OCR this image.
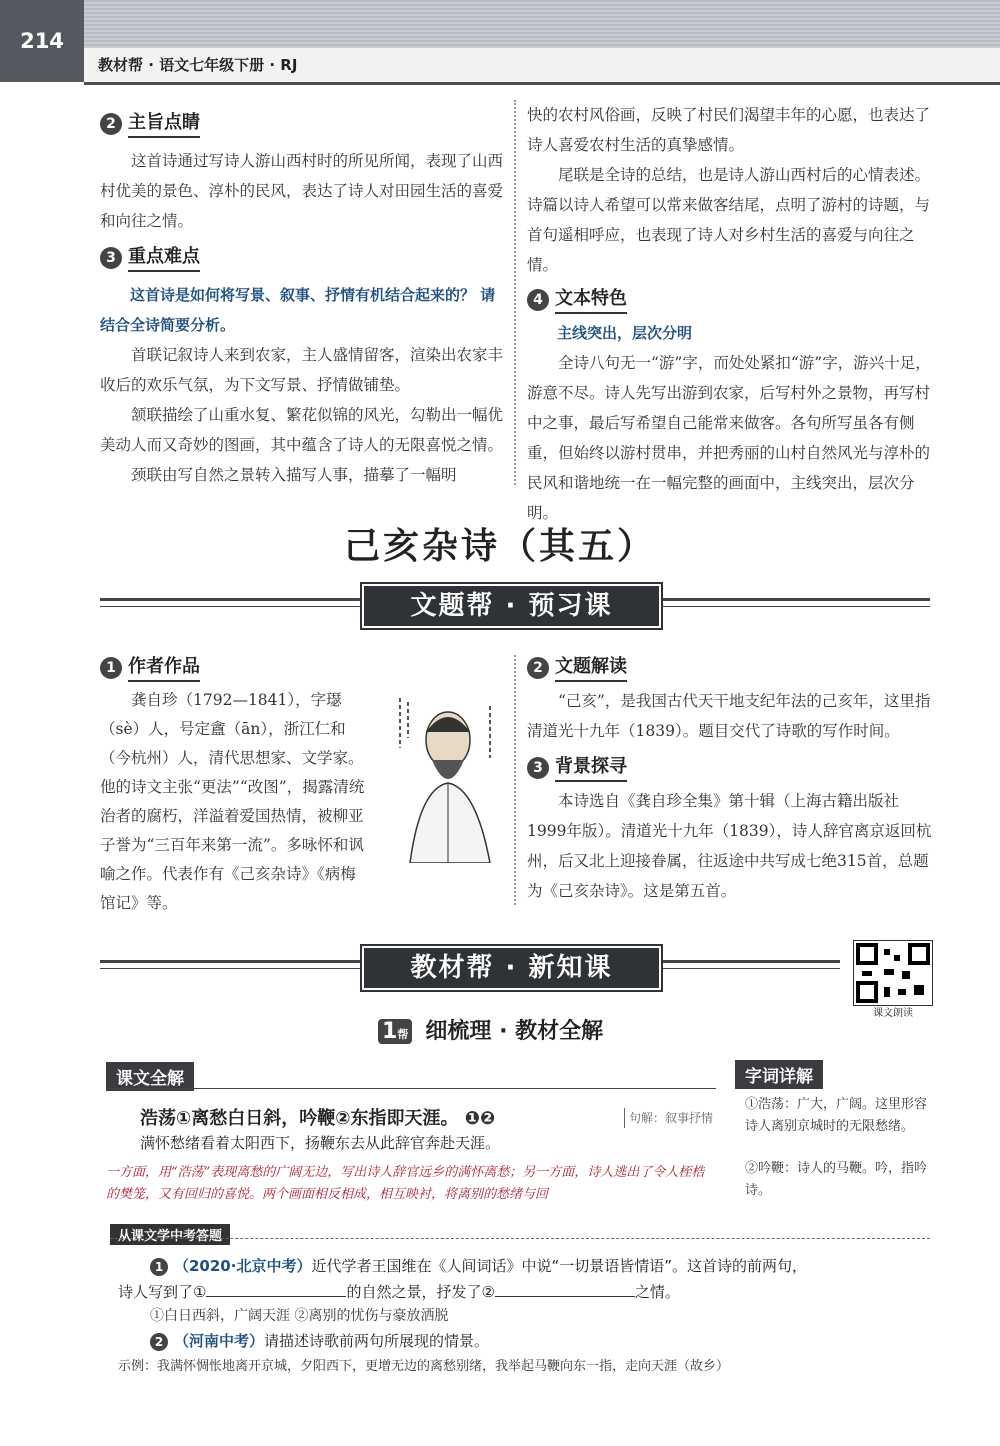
214
教材帮 · 语文七年级下册 · RJ
2 主旨点睛

这首诗通过写诗人游山西村时的所见所闻，表现了山西村优美的景色、淳朴的民风，表达了诗人对田园生活的喜爱和向往之情。

3 重点难点

这首诗是如何将写景、叙事、抒情有机结合起来的？ 请结合全诗简要分析。

首联记叙诗人来到农家，主人盛情留客，渲染出农家丰收后的欢乐气氛，为下文写景、抒情做铺垫。

颔联描绘了山重水复、繁花似锦的风光，勾勒出一幅优美动人而又奇妙的图画，其中蕴含了诗人的无限喜悦之情。

颈联由写自然之景转入描写人事，描摹了一幅明

快的农村风俗画，反映了村民们渴望丰年的心愿，也表达了诗人喜爱农村生活的真挚感情。

尾联是全诗的总结，也是诗人游山西村后的心情表述。诗篇以诗人希望可以常来做客结尾，点明了游村的诗题，与首句遥相呼应，也表现了诗人对乡村生活的喜爱与向往之情。

4 文本特色

主线突出，层次分明

全诗八句无一“游”字，而处处紧扣“游”字，游兴十足，游意不尽。诗人先写出游到农家，后写村外之景物，再写村中之事，最后写希望自己能常来做客。各句所写虽各有侧重，但始终以游村贯串，并把秀丽的山村自然风光与淳朴的民风和谐地统一在一幅完整的画面中，主线突出，层次分明。

己亥杂诗（其五）
文题帮 · 预习课
1 作者作品

龚自珍（1792—1841），字璱（sè）人，号定盦（ān），浙江仁和（今杭州）人，清代思想家、文学家。他的诗文主张“更法”“改图”，揭露清统治者的腐朽，洋溢着爱国热情，被柳亚子誉为“三百年来第一流”。多咏怀和讽喻之作。代表作有《己亥杂诗》《病梅馆记》等。

2 文题解读

“己亥”，是我国古代天干地支纪年法的己亥年，这里指清道光十九年（1839）。题目交代了诗歌的写作时间。

3 背景探寻

本诗选自《龚自珍全集》第十辑（上海古籍出版社1999年版）。清道光十九年（1839），诗人辞官离京返回杭州，后又北上迎接眷属，往返途中共写成七绝315首，总题为《己亥杂诗》。这是第五首。

教材帮 · 新知课
课文朗读
1帮 细梳理 · 教材全解
课文全解
浩荡①离愁白日斜，吟鞭②东指即天涯。 ❶❷
满怀愁绪看着太阳西下，扬鞭东去从此辞官奔赴天涯。
句解：叙事抒情
一方面，用“浩荡”表现离愁的广阔无边，写出诗人辞官远乡的满怀离愁；另一方面，诗人逃出了令人桎梏的樊笼，又有回归的喜悦。两个画面相反相成，相互映衬，将离别的愁绪与回
字词详解
①浩荡：广大，广阔。这里形容诗人离别京城时的无限愁绪。
②吟鞭：诗人的马鞭。吟，指吟诗。
从课文学中考答题
1 （2020·北京中考）近代学者王国维在《人间词话》中说“一切景语皆情语”。这首诗的前两句，
诗人写到了①	的自然之景，抒发了②	之情。
①白日西斜，广阔天涯 ②离别的忧伤与豪放洒脱
2 （河南中考）请描述诗歌前两句所展现的情景。
示例：我满怀惆怅地离开京城，夕阳西下，更增无边的离愁别绪，我举起马鞭向东一指，走向天涯（故乡）
